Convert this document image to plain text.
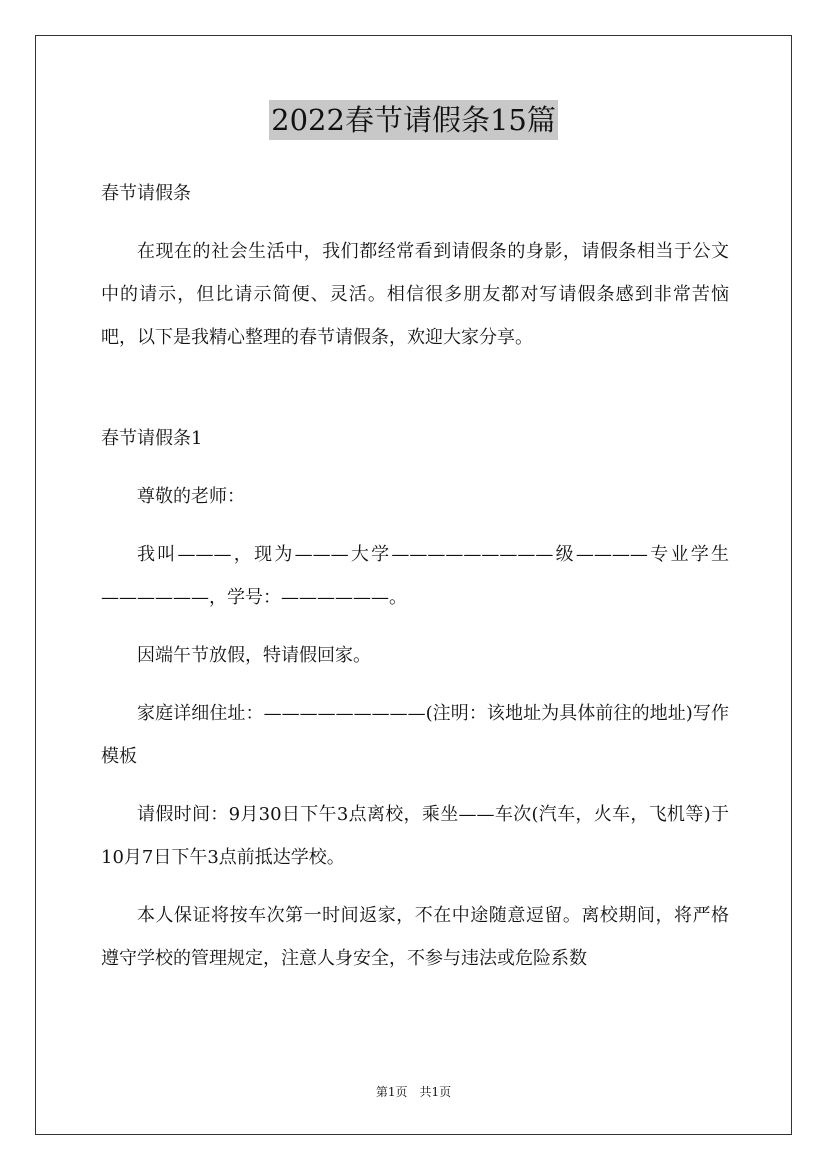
2022春节请假条15篇

春节请假条

在现在的社会生活中，我们都经常看到请假条的身影，请假条相当于公文中的请示，但比请示简便、灵活。相信很多朋友都对写请假条感到非常苦恼吧，以下是我精心整理的春节请假条，欢迎大家分享。

春节请假条1

尊敬的老师：

我叫———，现为———大学—————————级————专业学生——————，学号：——————。

因端午节放假，特请假回家。

家庭详细住址：—————————(注明：该地址为具体前往的地址)写作模板

请假时间：9月30日下午3点离校，乘坐——车次(汽车，火车，飞机等)于10月7日下午3点前抵达学校。

本人保证将按车次第一时间返家，不在中途随意逗留。离校期间，将严格遵守学校的管理规定，注意人身安全，不参与违法或危险系数

第1页　共1页
